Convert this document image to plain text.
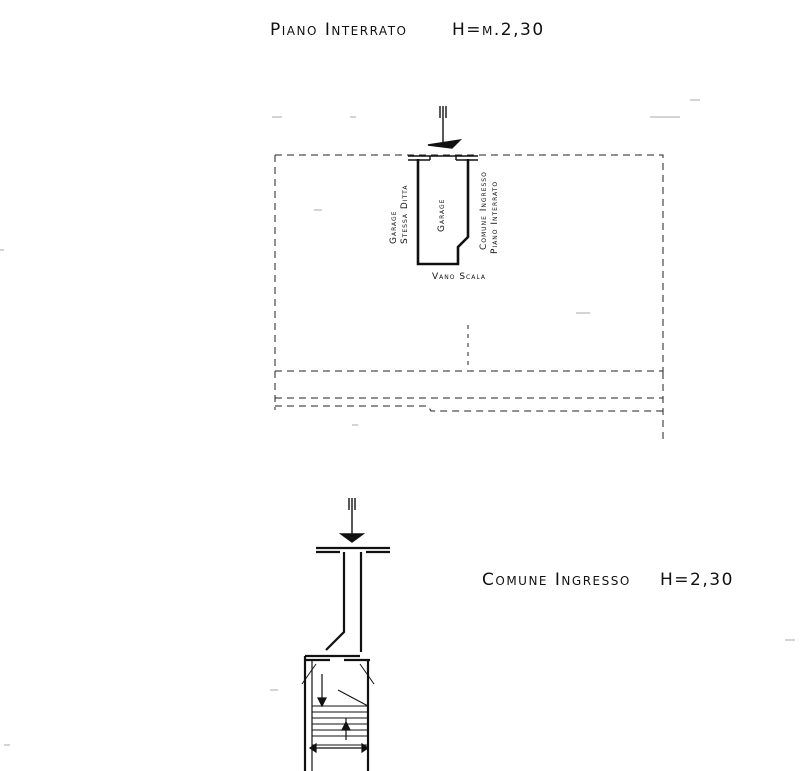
Piano Interrato	H=m.2,30
Garage
Garage Stessa Ditta	Comune Ingresso Piano Interrato
Vano Scala
Comune Ingresso H=2,30
